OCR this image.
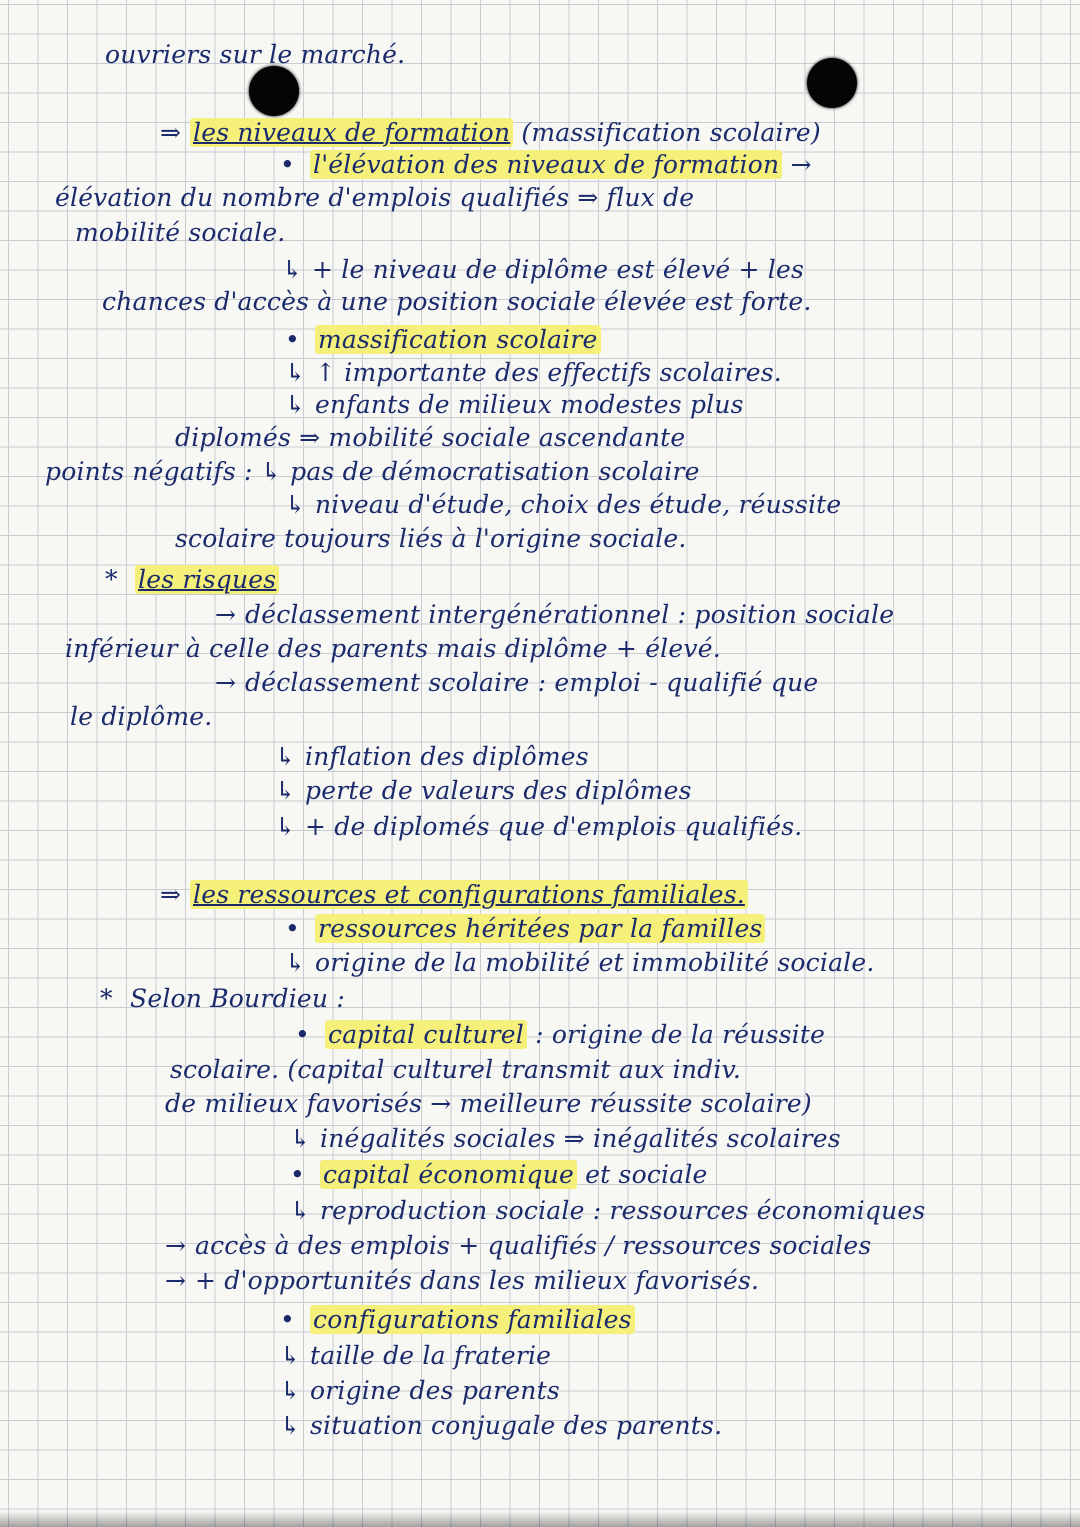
ouvriers sur le marché.
⇒ les niveaux de formation (massification scolaire)
• l'élévation des niveaux de formation →
élévation du nombre d'emplois qualifiés ⇒ flux de
mobilité sociale.
↳ + le niveau de diplôme est élevé + les
chances d'accès à une position sociale élevée est forte.
• massification scolaire
↳ ↑ importante des effectifs scolaires.
↳ enfants de milieux modestes plus
diplomés ⇒ mobilité sociale ascendante
points négatifs : ↳ pas de démocratisation scolaire
↳ niveau d'étude, choix des étude, réussite
scolaire toujours liés à l'origine sociale.
* les risques
→ déclassement intergénérationnel : position sociale
inférieur à celle des parents mais diplôme + élevé.
→ déclassement scolaire : emploi - qualifié que
le diplôme.
↳ inflation des diplômes
↳ perte de valeurs des diplômes
↳ + de diplomés que d'emplois qualifiés.
⇒ les ressources et configurations familiales.
• ressources héritées par la familles
↳ origine de la mobilité et immobilité sociale.
* Selon Bourdieu :
• capital culturel : origine de la réussite
scolaire. (capital culturel transmit aux indiv.
de milieux favorisés → meilleure réussite scolaire)
↳ inégalités sociales ⇒ inégalités scolaires
• capital économique et sociale
↳ reproduction sociale : ressources économiques
→ accès à des emplois + qualifiés / ressources sociales
→ + d'opportunités dans les milieux favorisés.
• configurations familiales
↳ taille de la fraterie
↳ origine des parents
↳ situation conjugale des parents.
